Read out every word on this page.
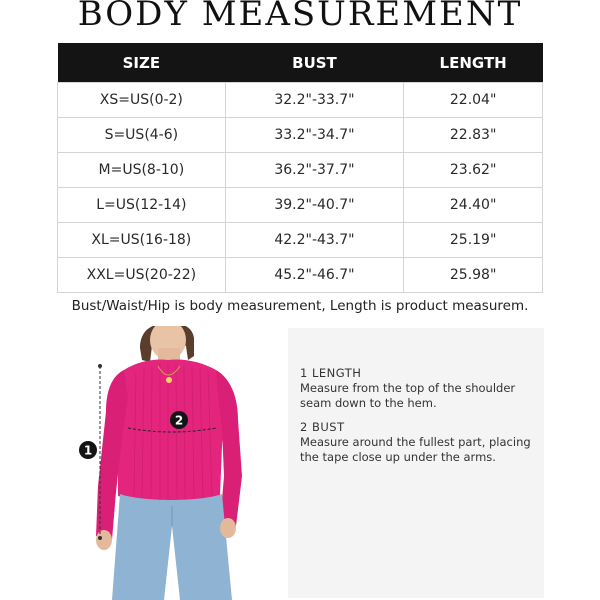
BODY MEASUREMENT
SIZE	BUST	LENGTH
XS=US(0-2)	32.2"-33.7"	22.04"
S=US(4-6)	33.2"-34.7"	22.83"
M=US(8-10)	36.2"-37.7"	23.62"
L=US(12-14)	39.2"-40.7"	24.40"
XL=US(16-18)	42.2"-43.7"	25.19"
XXL=US(20-22)	45.2"-46.7"	25.98"
Bust/Waist/Hip is body measurement, Length is product measurem.
1
2
1 LENGTH
Measure from the top of the shoulder
seam down to the hem.
2 BUST
Measure around the fullest part, placing
the tape close up under the arms.
